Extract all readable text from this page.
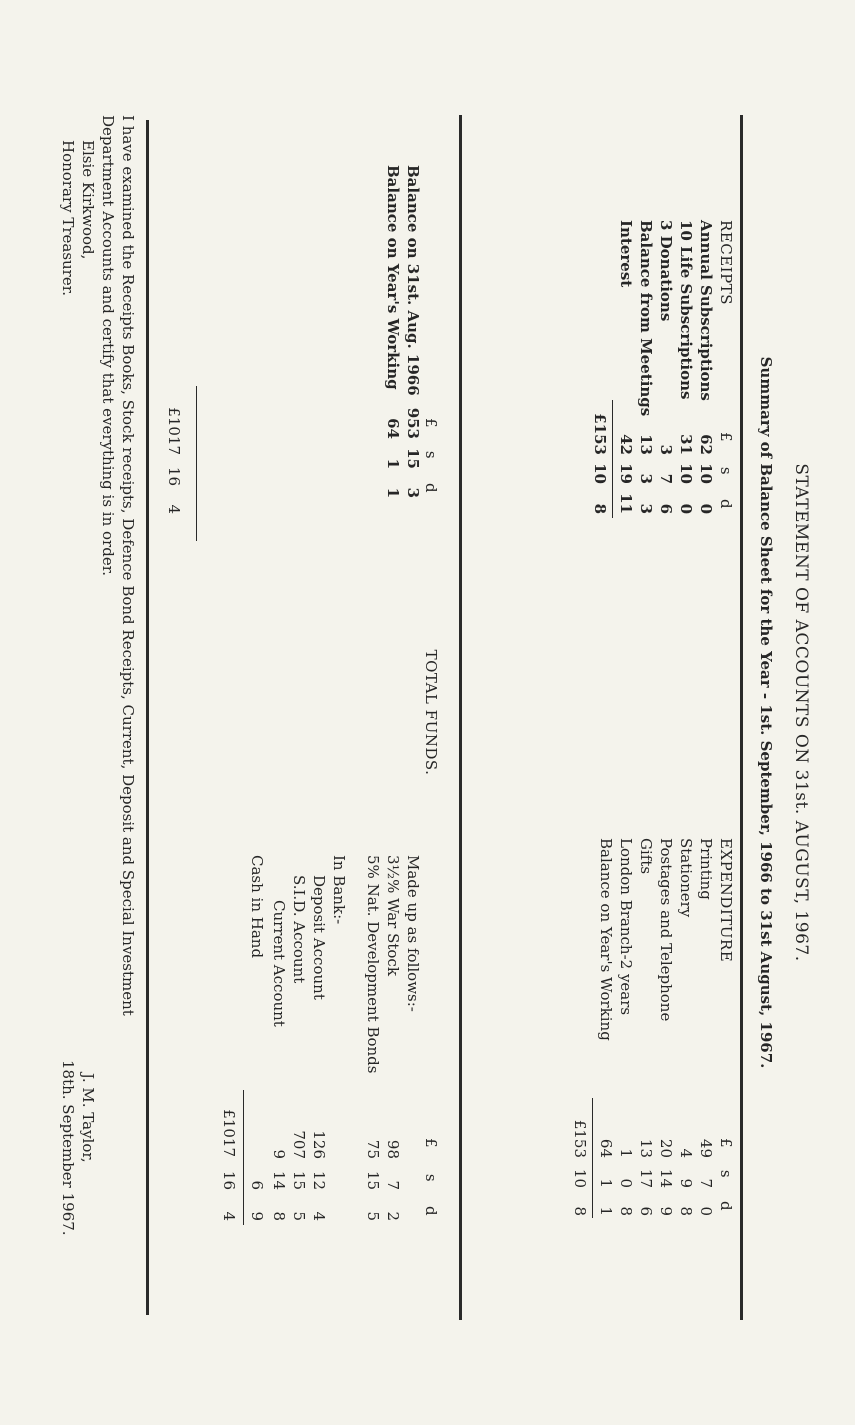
STATEMENT OF ACCOUNTS ON 31st. AUGUST, 1967.
Summary of Balance Sheet for the Year - 1st. September, 1966 to 31st August, 1967.
RECEIPTS
£
s
d
Annual Subscriptions
62
10
0
10 Life Subscriptions
31
10
0
3 Donations
3
7
6
Balance from Meetings
13
3
3
Interest
42
19
11
£153
10
8
EXPENDITURE
£
s
d
Printing
49
7
0
Stationery
4
9
8
Postages and Telephone
20
14
9
Gifts
13
17
6
London Branch-2 years
1
0
8
Balance on Year's Working
64
1
1
£153
10
8
TOTAL FUNDS.
£
s
d
Balance on 31st. Aug. 1966
953
15
3
Balance on Year's Working
64
1
1
£1017
16
4
£
s
d
Made up as follows:-
3½% War Stock
98
7
2
5% Nat. Development Bonds
75
15
5
In Bank:-
Deposit Account
126
12
4
S.I.D. Account
707
15
5
Current Account
9
14
8
Cash in Hand
6
9
£1017
16
4
I have examined the Receipts Books, Stock receipts, Defence Bond Receipts, Current, Deposit and Special Investment
Department Accounts and certify that everything is in order.
Elsie Kirkwood,
Honorary Treasurer.
J. M. Taylor,
18th. September 1967.
